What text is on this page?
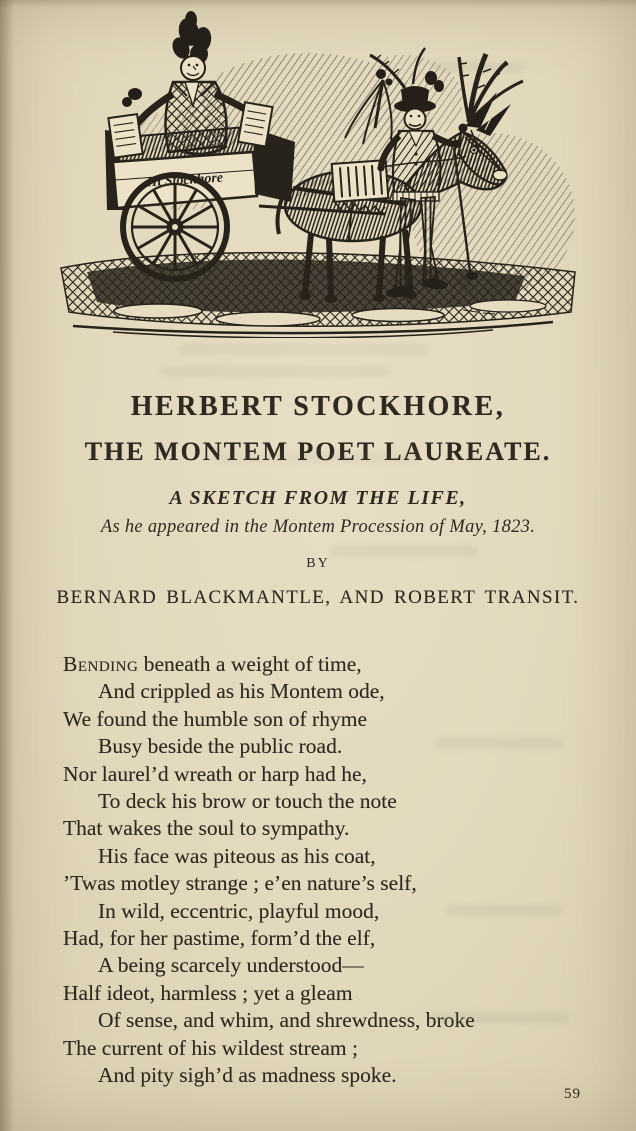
Ht Stockhore
HERBERT STOCKHORE,
THE MONTEM POET LAUREATE.
A SKETCH FROM THE LIFE,
As he appeared in the Montem Procession of May, 1823.
BY
BERNARD BLACKMANTLE, AND ROBERT TRANSIT.
Bending beneath a weight of time,
And crippled as his Montem ode,
We found the humble son of rhyme
Busy beside the public road.
Nor laurel’d wreath or harp had he,
To deck his brow or touch the note
That wakes the soul to sympathy.
His face was piteous as his coat,
’Twas motley strange ; e’en nature’s self,
In wild, eccentric, playful mood,
Had, for her pastime, form’d the elf,
A being scarcely understood—
Half ideot, harmless ; yet a gleam
Of sense, and whim, and shrewdness, broke
The current of his wildest stream ;
And pity sigh’d as madness spoke.
59
